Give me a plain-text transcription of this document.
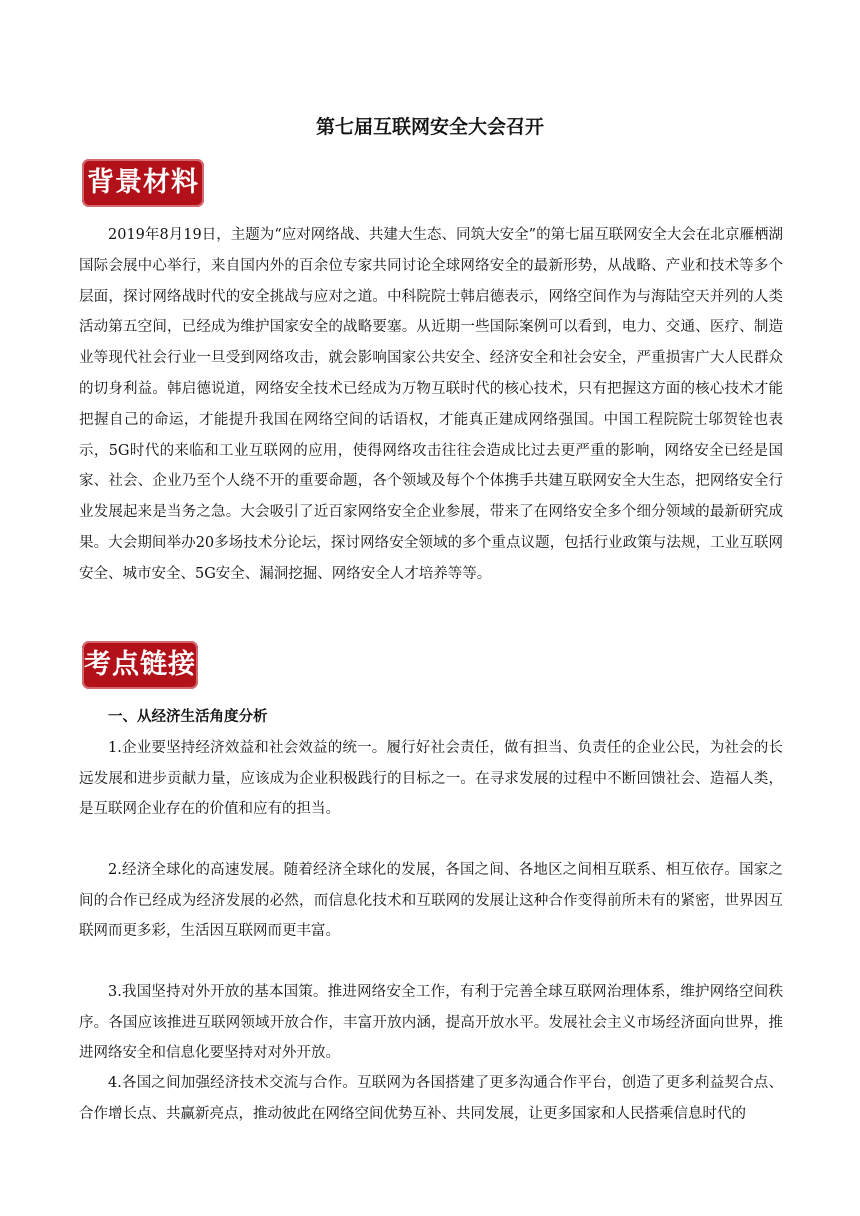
第七届互联网安全大会召开
背景材料

2019年8月19日，主题为“应对网络战、共建大生态、同筑大安全”的第七届互联网安全大会在北京雁栖湖国际会展中心举行，来自国内外的百余位专家共同讨论全球网络安全的最新形势，从战略、产业和技术等多个层面，探讨网络战时代的安全挑战与应对之道。中科院院士韩启德表示，网络空间作为与海陆空天并列的人类活动第五空间，已经成为维护国家安全的战略要塞。从近期一些国际案例可以看到，电力、交通、医疗、制造业等现代社会行业一旦受到网络攻击，就会影响国家公共安全、经济安全和社会安全，严重损害广大人民群众的切身利益。韩启德说道，网络安全技术已经成为万物互联时代的核心技术，只有把握这方面的核心技术才能把握自己的命运，才能提升我国在网络空间的话语权，才能真正建成网络强国。中国工程院院士邬贺铨也表示，5G时代的来临和工业互联网的应用，使得网络攻击往往会造成比过去更严重的影响，网络安全已经是国家、社会、企业乃至个人绕不开的重要命题，各个领域及每个个体携手共建互联网安全大生态，把网络安全行业发展起来是当务之急。大会吸引了近百家网络安全企业参展，带来了在网络安全多个细分领域的最新研究成果。大会期间举办20多场技术分论坛，探讨网络安全领域的多个重点议题，包括行业政策与法规，工业互联网安全、城市安全、5G安全、漏洞挖掘、网络安全人才培养等等。

考点链接
一、从经济生活角度分析

1.企业要坚持经济效益和社会效益的统一。履行好社会责任，做有担当、负责任的企业公民，为社会的长远发展和进步贡献力量，应该成为企业积极践行的目标之一。在寻求发展的过程中不断回馈社会、造福人类，是互联网企业存在的价值和应有的担当。

2.经济全球化的高速发展。随着经济全球化的发展，各国之间、各地区之间相互联系、相互依存。国家之间的合作已经成为经济发展的必然，而信息化技术和互联网的发展让这种合作变得前所未有的紧密，世界因互联网而更多彩，生活因互联网而更丰富。

3.我国坚持对外开放的基本国策。推进网络安全工作，有利于完善全球互联网治理体系，维护网络空间秩序。各国应该推进互联网领域开放合作，丰富开放内涵，提高开放水平。发展社会主义市场经济面向世界，推进网络安全和信息化要坚持对对外开放。

4.各国之间加强经济技术交流与合作。互联网为各国搭建了更多沟通合作平台，创造了更多利益契合点、合作增长点、共赢新亮点，推动彼此在网络空间优势互补、共同发展，让更多国家和人民搭乘信息时代的
